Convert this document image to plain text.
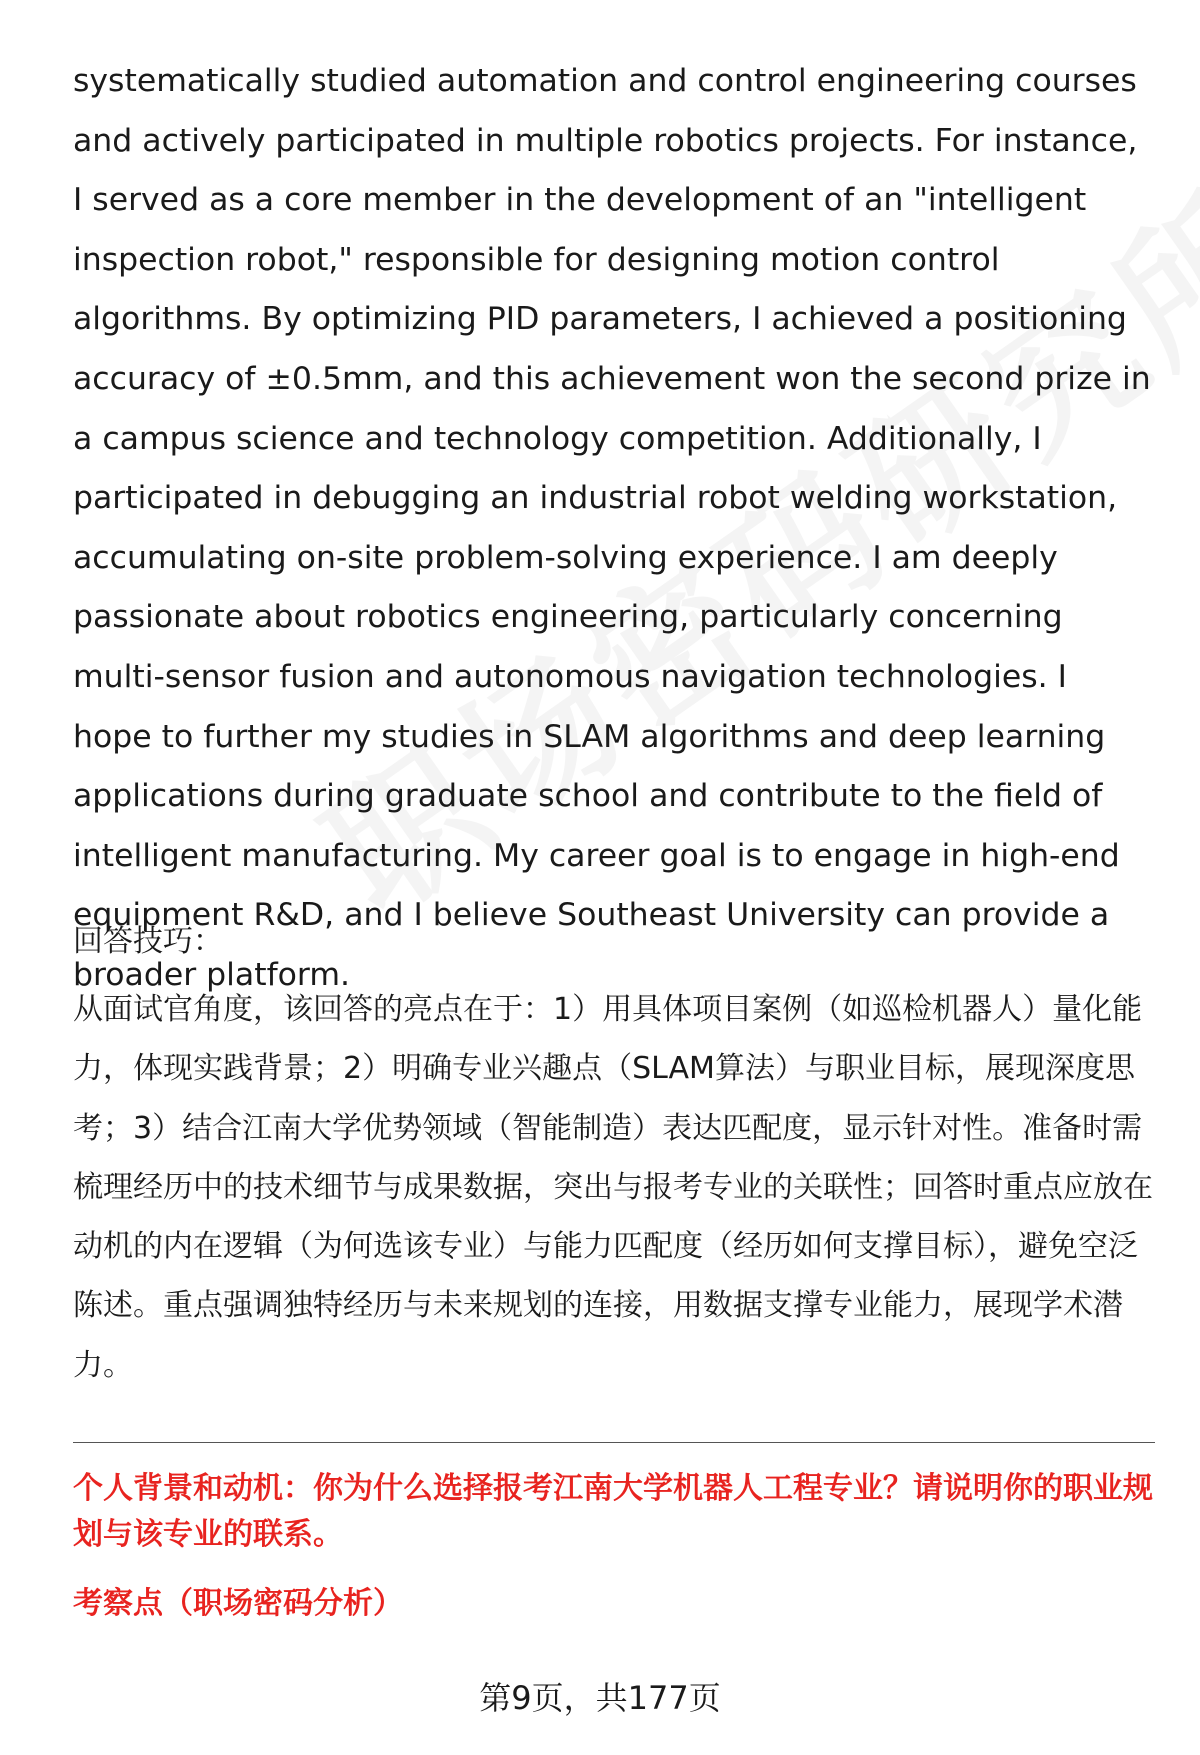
systematically studied automation and control engineering courses and actively participated in multiple robotics projects. For instance, I served as a core member in the development of an "intelligent inspection robot," responsible for designing motion control algorithms. By optimizing PID parameters, I achieved a positioning accuracy of ±0.5mm, and this achievement won the second prize in a campus science and technology competition. Additionally, I participated in debugging an industrial robot welding workstation, accumulating on-site problem-solving experience. I am deeply passionate about robotics engineering, particularly concerning multi-sensor fusion and autonomous navigation technologies. I hope to further my studies in SLAM algorithms and deep learning applications during graduate school and contribute to the field of intelligent manufacturing. My career goal is to engage in high-end equipment R&D, and I believe Southeast University can provide a broader platform.

回答技巧：

从面试官角度，该回答的亮点在于：1）用具体项目案例（如巡检机器人）量化能力，体现实践背景；2）明确专业兴趣点（SLAM算法）与职业目标，展现深度思考；3）结合江南大学优势领域（智能制造）表达匹配度，显示针对性。准备时需梳理经历中的技术细节与成果数据，突出与报考专业的关联性；回答时重点应放在动机的内在逻辑（为何选该专业）与能力匹配度（经历如何支撑目标），避免空泛陈述。重点强调独特经历与未来规划的连接，用数据支撑专业能力，展现学术潜力。

个人背景和动机：你为什么选择报考江南大学机器人工程专业？请说明你的职业规划与该专业的联系。

考察点（职场密码分析）

第9页，共177页
